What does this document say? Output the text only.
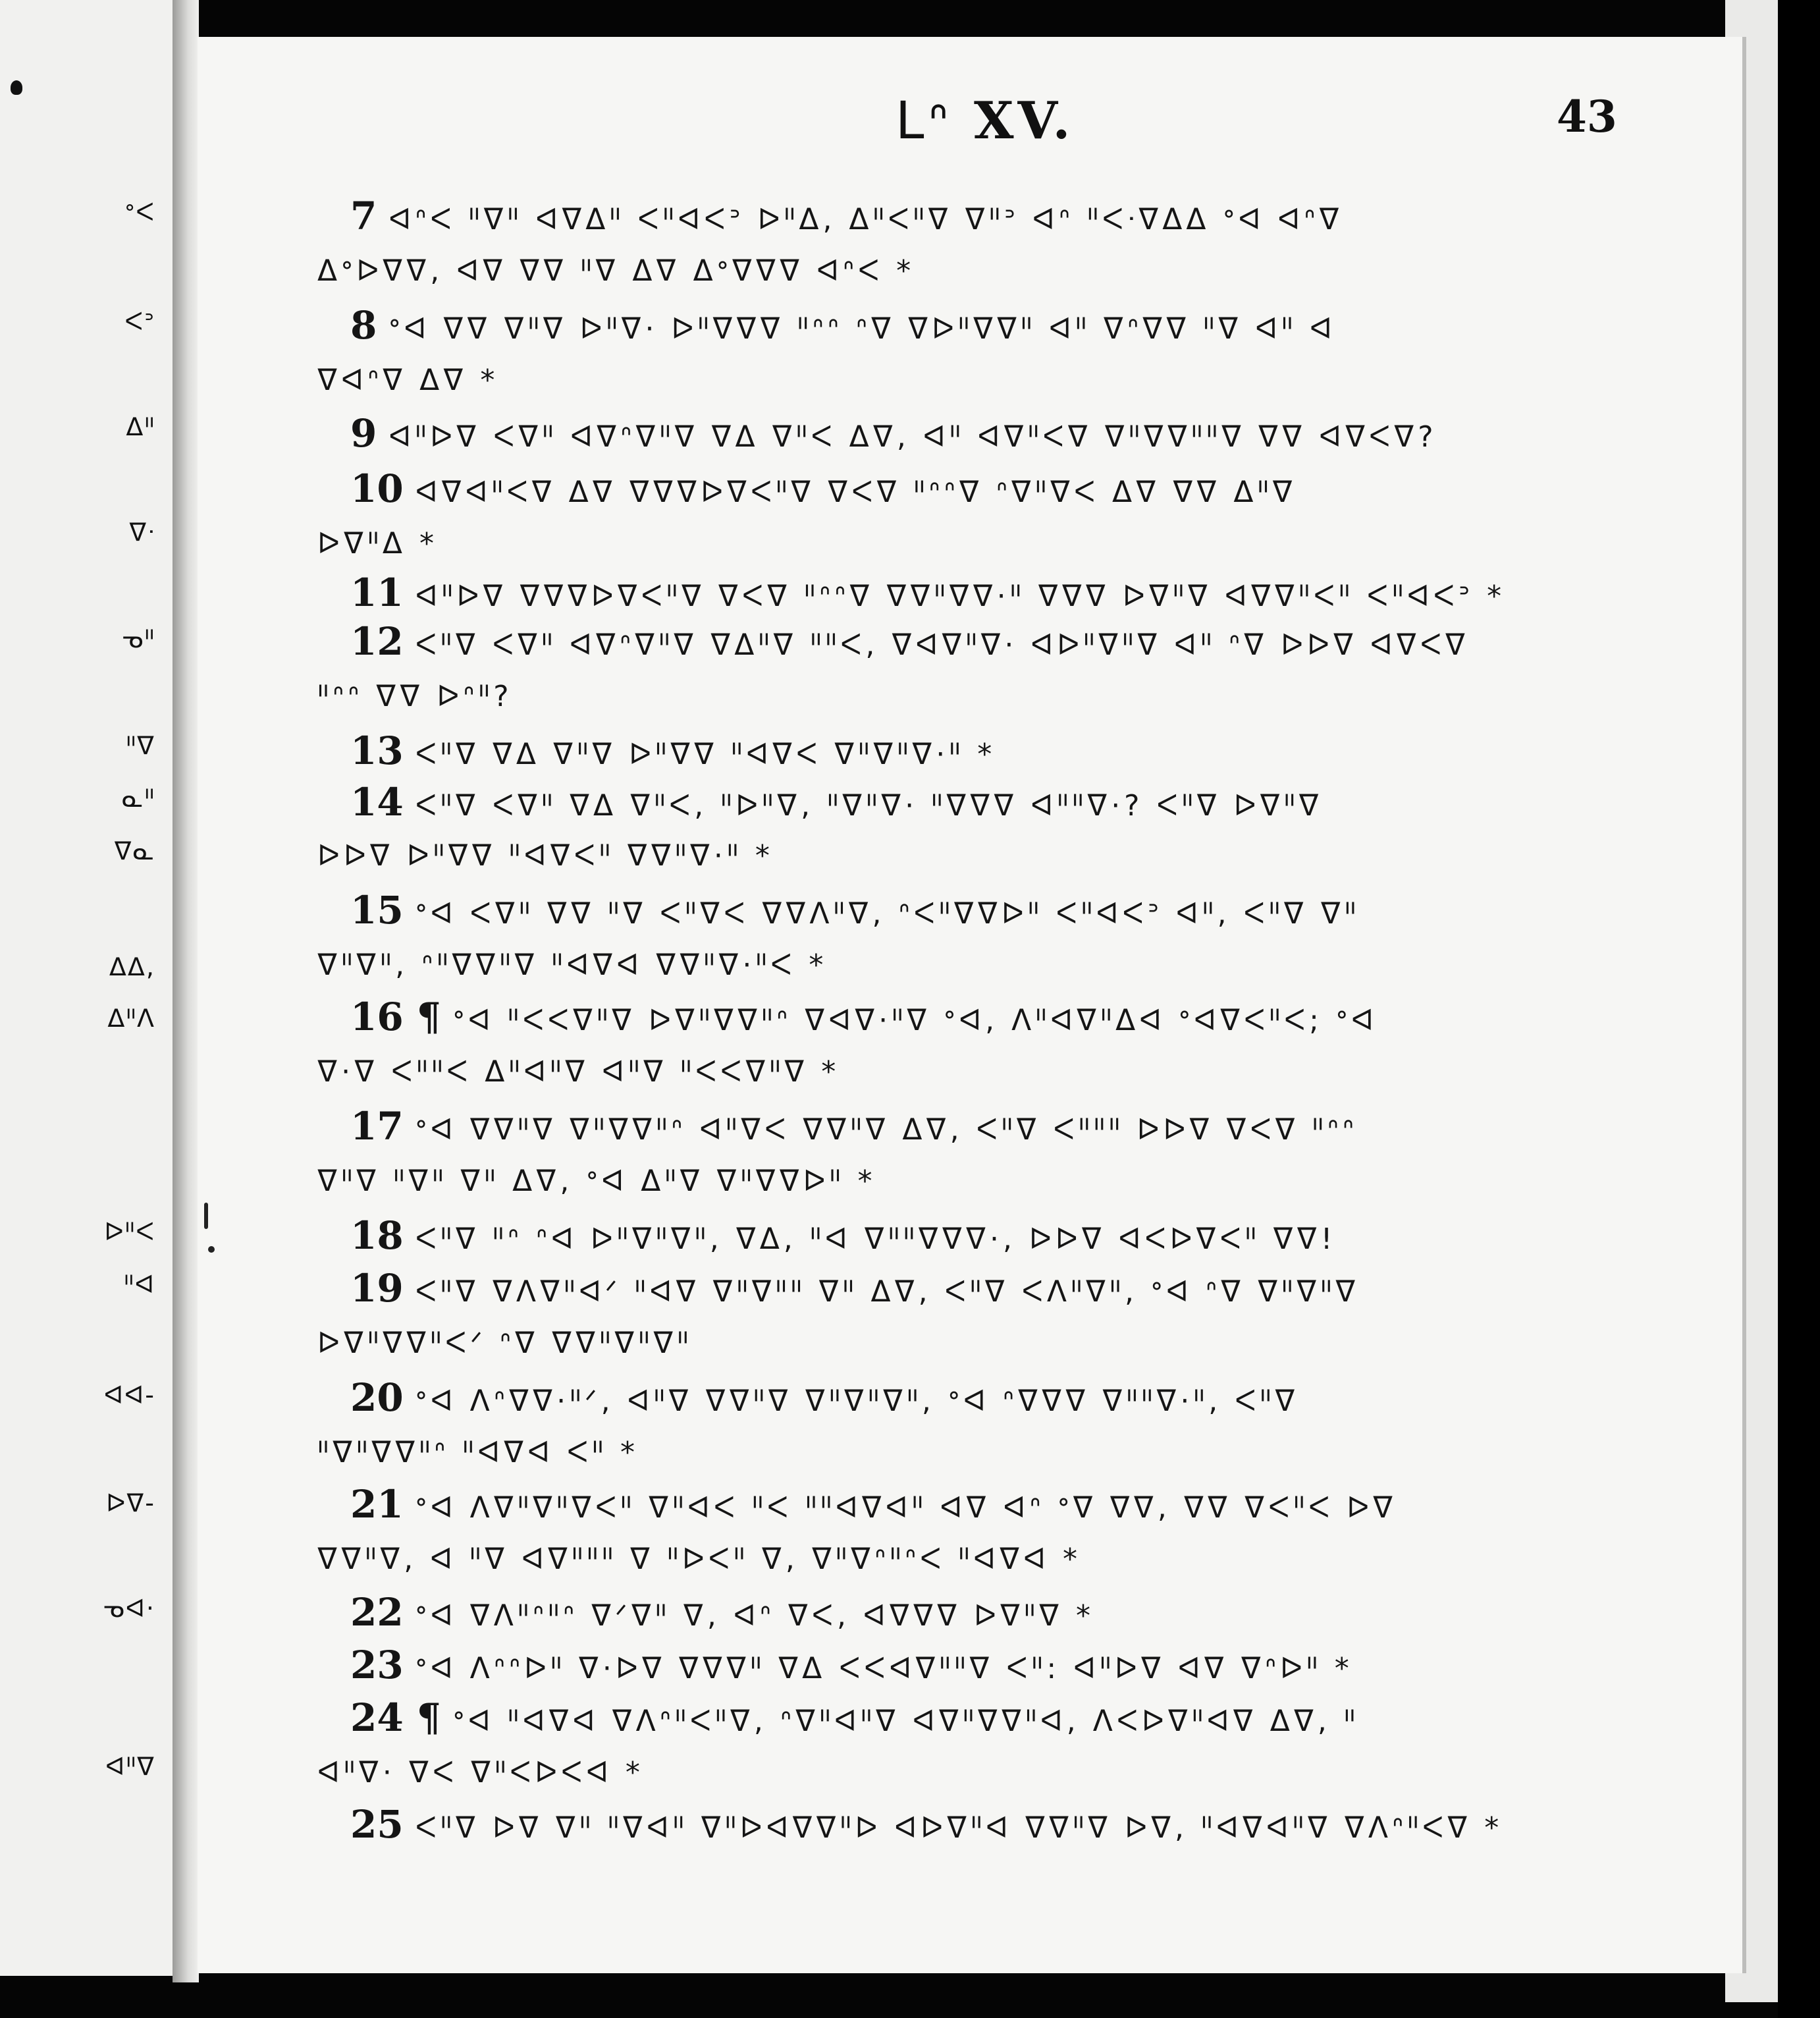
ᐤᐸ
ᐸᐣ
ᐃᐦ
ᐁᐧ
ᓀᐦ
ᐦᐁ
ᓇᐦ
ᐁᓇ
ᐃᐃ,
ᐃᐦᐱ
ᐅᐦᐸ
ᐦᐊ
ᐊᐊ-
ᐅᐁ-
ᓀᐊ·
ᐊᐦᐁ
Lᐢ XV.	43
7 ᐊᐢᐸ ᐦᐁᐦ ᐊᐁᐃᐦ ᐸᐦᐊᐸᐣ ᐅᐦᐃ, ᐃᐦᐸᐦᐁ ᐁᐦᐣ ᐊᐢ ᐦᐸᐧᐁᐃᐃ ᐤᐊ ᐊᐢᐁ
ᐃᐤᐅᐁᐁ, ᐊᐁ ᐁᐁ ᐦᐁ ᐃᐁ ᐃᐤᐁᐁᐁ ᐊᐢᐸ *
8 ᐤᐊ ᐁᐁ ᐁᐦᐁ ᐅᐦᐁ· ᐅᐦᐁᐁᐁ ᐦᐢᐢ ᐢᐁ ᐁᐅᐦᐁᐁᐦ ᐊᐦ ᐁᐢᐁᐁ ᐦᐁ ᐊᐦ ᐊ
ᐁᐊᐢᐁ ᐃᐁ *
9 ᐊᐦᐅᐁ ᐸᐁᐦ ᐊᐁᐢᐁᐦᐁ ᐁᐃ ᐁᐦᐸ ᐃᐁ, ᐊᐦ ᐊᐁᐦᐸᐁ ᐁᐦᐁᐁᐦᐦᐁ ᐁᐁ ᐊᐁᐸᐁ?
10 ᐊᐁᐊᐦᐸᐁ ᐃᐁ ᐁᐁᐁᐅᐁᐸᐦᐁ ᐁᐸᐁ ᐦᐢᐢᐁ ᐢᐁᐦᐁᐸ ᐃᐁ ᐁᐁ ᐃᐦᐁ
ᐅᐁᐦᐃ *
11 ᐊᐦᐅᐁ ᐁᐁᐁᐅᐁᐸᐦᐁ ᐁᐸᐁ ᐦᐢᐢᐁ ᐁᐁᐦᐁᐁ·ᐦ ᐁᐁᐁ ᐅᐁᐦᐁ ᐊᐁᐁᐦᐸᐦ ᐸᐦᐊᐸᐣ *
12 ᐸᐦᐁ ᐸᐁᐦ ᐊᐁᐢᐁᐦᐁ ᐁᐃᐦᐁ ᐦᐦᐸ, ᐁᐊᐁᐦᐁ· ᐊᐅᐦᐁᐦᐁ ᐊᐦ ᐢᐁ ᐅᐅᐁ ᐊᐁᐸᐁ
ᐦᐢᐢ ᐁᐁ ᐅᐢᐦ?
13 ᐸᐦᐁ ᐁᐃ ᐁᐦᐁ ᐅᐦᐁᐁ ᐦᐊᐁᐸ ᐁᐦᐁᐦᐁ·ᐦ *
14 ᐸᐦᐁ ᐸᐁᐦ ᐁᐃ ᐁᐦᐸ, ᐦᐅᐦᐁ, ᐦᐁᐦᐁ· ᐦᐁᐁᐁ ᐊᐦᐦᐁ·? ᐸᐦᐁ ᐅᐁᐦᐁ
ᐅᐅᐁ ᐅᐦᐁᐁ ᐦᐊᐁᐸᐦ ᐁᐁᐦᐁ·ᐦ *
15 ᐤᐊ ᐸᐁᐦ ᐁᐁ ᐦᐁ ᐸᐦᐁᐸ ᐁᐁᐱᐦᐁ, ᐢᐸᐦᐁᐁᐅᐦ ᐸᐦᐊᐸᐣ ᐊᐦ, ᐸᐦᐁ ᐁᐦ
ᐁᐦᐁᐦ, ᐢᐦᐁᐁᐦᐁ ᐦᐊᐁᐊ ᐁᐁᐦᐁ·ᐦᐸ *
16 ¶ ᐤᐊ ᐦᐸᐸᐁᐦᐁ ᐅᐁᐦᐁᐁᐦᐢ ᐁᐊᐁ·ᐦᐁ ᐤᐊ, ᐱᐦᐊᐁᐦᐃᐊ ᐤᐊᐁᐸᐦᐸ; ᐤᐊ
ᐁ·ᐁ ᐸᐦᐦᐸ ᐃᐦᐊᐦᐁ ᐊᐦᐁ ᐦᐸᐸᐁᐦᐁ *
17 ᐤᐊ ᐁᐁᐦᐁ ᐁᐦᐁᐁᐦᐢ ᐊᐦᐁᐸ ᐁᐁᐦᐁ ᐃᐁ, ᐸᐦᐁ ᐸᐦᐦᐦ ᐅᐅᐁ ᐁᐸᐁ ᐦᐢᐢ
ᐁᐦᐁ ᐦᐁᐦ ᐁᐦ ᐃᐁ, ᐤᐊ ᐃᐦᐁ ᐁᐦᐁᐁᐅᐦ *
18 ᐸᐦᐁ ᐦᐢ ᐢᐊ ᐅᐦᐁᐦᐁᐦ, ᐁᐃ, ᐦᐊ ᐁᐦᐦᐁᐁᐁ·, ᐅᐅᐁ ᐊᐸᐅᐁᐸᐦ ᐁᐁ!
19 ᐸᐦᐁ ᐁᐱᐁᐦᐊᐟ ᐦᐊᐁ ᐁᐦᐁᐦᐦ ᐁᐦ ᐃᐁ, ᐸᐦᐁ ᐸᐱᐦᐁᐦ, ᐤᐊ ᐢᐁ ᐁᐦᐁᐦᐁ
ᐅᐁᐦᐁᐁᐦᐸᐟ ᐢᐁ ᐁᐁᐦᐁᐦᐁᐦ
20 ᐤᐊ ᐱᐢᐁᐁ·ᐦᐟ, ᐊᐦᐁ ᐁᐁᐦᐁ ᐁᐦᐁᐦᐁᐦ, ᐤᐊ ᐢᐁᐁᐁ ᐁᐦᐦᐁ·ᐦ, ᐸᐦᐁ
ᐦᐁᐦᐁᐁᐦᐢ ᐦᐊᐁᐊ ᐸᐦ *
21 ᐤᐊ ᐱᐁᐦᐁᐦᐁᐸᐦ ᐁᐦᐊᐸ ᐦᐸ ᐦᐦᐊᐁᐊᐦ ᐊᐁ ᐊᐢ ᐤᐁ ᐁᐁ, ᐁᐁ ᐁᐸᐦᐸ ᐅᐁ
ᐁᐁᐦᐁ, ᐊ ᐦᐁ ᐊᐁᐦᐦᐦ ᐁ ᐦᐅᐸᐦ ᐁ, ᐁᐦᐁᐢᐦᐢᐸ ᐦᐊᐁᐊ *
22 ᐤᐊ ᐁᐱᐦᐢᐦᐢ ᐁᐟᐁᐦ ᐁ, ᐊᐢ ᐁᐸ, ᐊᐁᐁᐁ ᐅᐁᐦᐁ *
23 ᐤᐊ ᐱᐢᐢᐅᐦ ᐁ·ᐅᐁ ᐁᐁᐁᐦ ᐁᐃ ᐸᐸᐊᐁᐦᐦᐁ ᐸᐦ: ᐊᐦᐅᐁ ᐊᐁ ᐁᐢᐅᐦ *
24 ¶ ᐤᐊ ᐦᐊᐁᐊ ᐁᐱᐢᐦᐸᐦᐁ, ᐢᐁᐦᐊᐦᐁ ᐊᐁᐦᐁᐁᐦᐊ, ᐱᐸᐅᐁᐦᐊᐁ ᐃᐁ, ᐦ
ᐊᐦᐁ· ᐁᐸ ᐁᐦᐸᐅᐸᐊ *
25 ᐸᐦᐁ ᐅᐁ ᐁᐦ ᐦᐁᐊᐦ ᐁᐦᐅᐊᐁᐁᐦᐅ ᐊᐅᐁᐦᐊ ᐁᐁᐦᐁ ᐅᐁ, ᐦᐊᐁᐊᐦᐁ ᐁᐱᐢᐦᐸᐁ *
